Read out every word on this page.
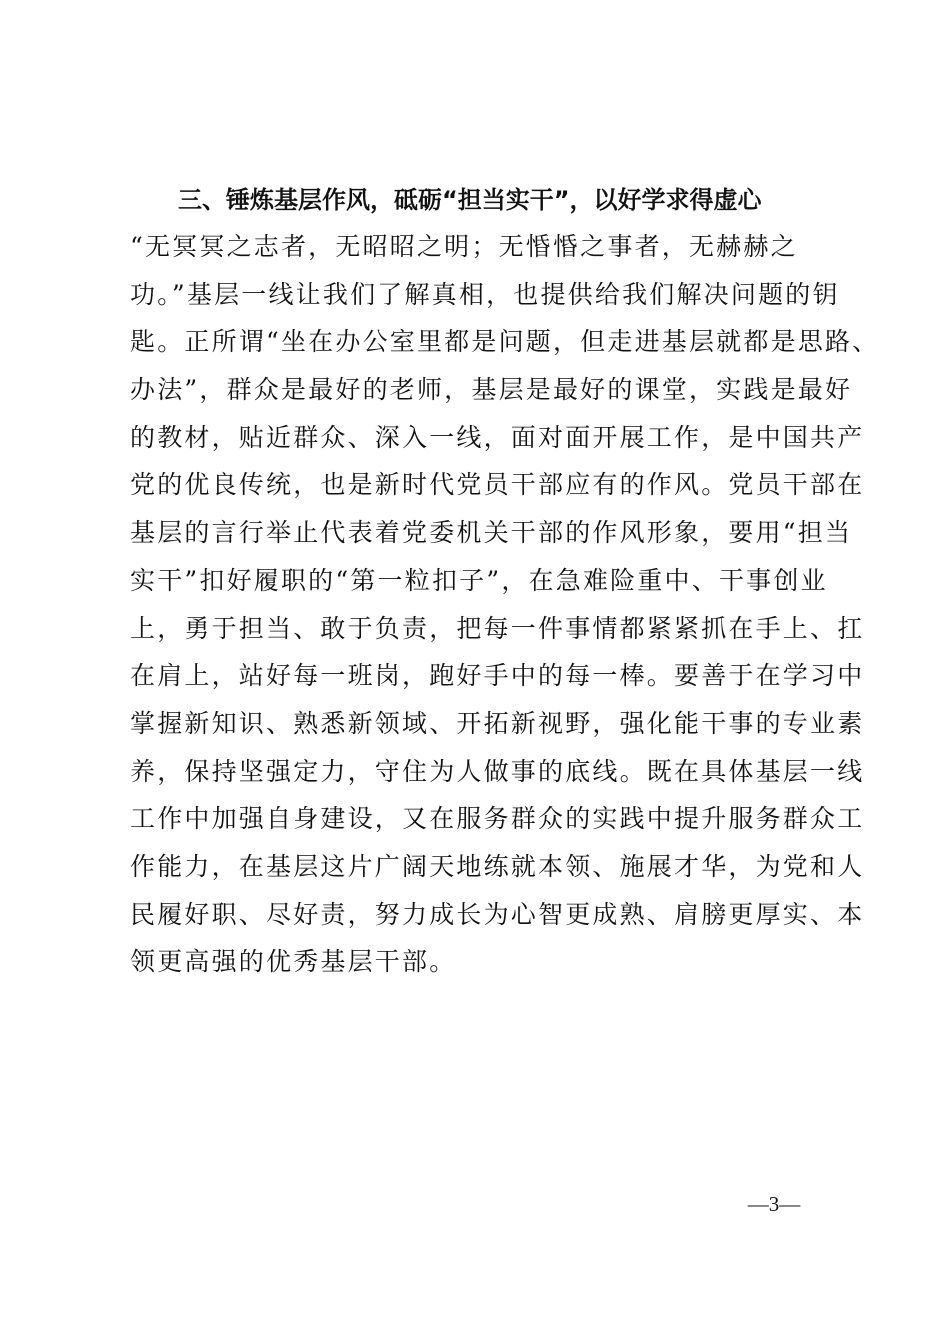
三、锤炼基层作风，砥砺“担当实干”，以好学求得虚心
“无冥冥之志者，无昭昭之明；无惛惛之事者，无赫赫之
功。”基层一线让我们了解真相，也提供给我们解决问题的钥
匙。正所谓“坐在办公室里都是问题，但走进基层就都是思路、
办法”，群众是最好的老师，基层是最好的课堂，实践是最好
的教材，贴近群众、深入一线，面对面开展工作，是中国共产
党的优良传统，也是新时代党员干部应有的作风。党员干部在
基层的言行举止代表着党委机关干部的作风形象，要用“担当
实干”扣好履职的“第一粒扣子”，在急难险重中、干事创业
上，勇于担当、敢于负责，把每一件事情都紧紧抓在手上、扛
在肩上，站好每一班岗，跑好手中的每一棒。要善于在学习中
掌握新知识、熟悉新领域、开拓新视野，强化能干事的专业素
养，保持坚强定力，守住为人做事的底线。既在具体基层一线
工作中加强自身建设，又在服务群众的实践中提升服务群众工
作能力，在基层这片广阔天地练就本领、施展才华，为党和人
民履好职、尽好责，努力成长为心智更成熟、肩膀更厚实、本
领更高强的优秀基层干部。
—3—
